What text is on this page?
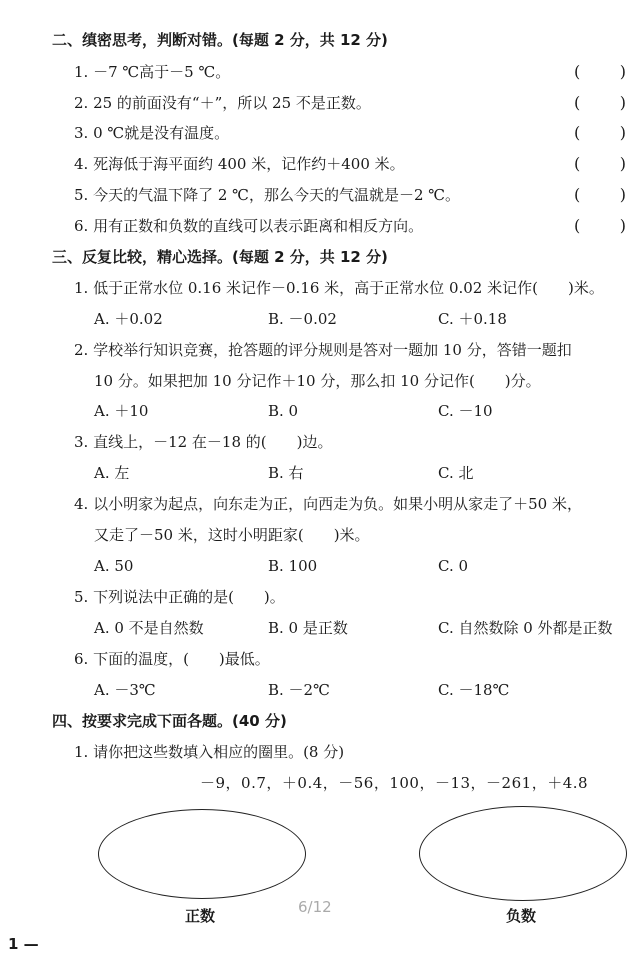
二、缜密思考，判断对错。(每题 2 分，共 12 分)
1. －7 ℃高于－5 ℃。	( )
2. 25 的前面没有“＋”，所以 25 不是正数。	( )
3. 0 ℃就是没有温度。	( )
4. 死海低于海平面约 400 米，记作约＋400 米。	( )
5. 今天的气温下降了 2 ℃，那么今天的气温就是－2 ℃。	( )
6. 用有正数和负数的直线可以表示距离和相反方向。	( )
三、反复比较，精心选择。(每题 2 分，共 12 分)
1. 低于正常水位 0.16 米记作－0.16 米，高于正常水位 0.02 米记作(　　)米。
A. ＋0.02	B. －0.02	C. ＋0.18
2. 学校举行知识竞赛，抢答题的评分规则是答对一题加 10 分，答错一题扣
10 分。如果把加 10 分记作＋10 分，那么扣 10 分记作(　　)分。
A. ＋10	B. 0	C. －10
3. 直线上，－12 在－18 的(　　)边。
A. 左	B. 右	C. 北
4. 以小明家为起点，向东走为正，向西走为负。如果小明从家走了＋50 米，
又走了－50 米，这时小明距家(　　)米。
A. 50	B. 100	C. 0
5. 下列说法中正确的是(　　)。
A. 0 不是自然数	B. 0 是正数	C. 自然数除 0 外都是正数
6. 下面的温度，(　　)最低。
A. －3℃	B. －2℃	C. －18℃
四、按要求完成下面各题。(40 分)
1. 请你把这些数填入相应的圈里。(8 分)
－9，0.7，＋0.4，－56，100，－13，－261，＋4.8
正数	负数
6/12
1 —
